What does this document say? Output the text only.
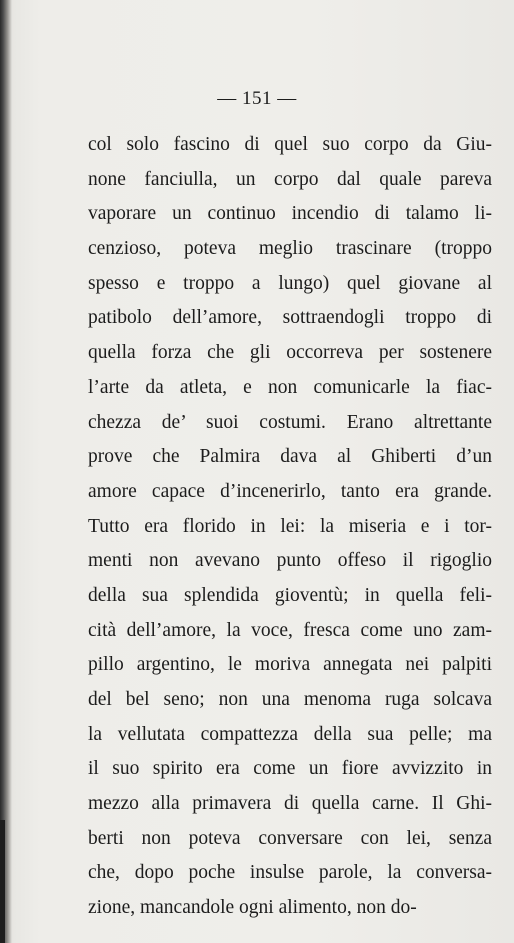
— 151 —
col solo fascino di quel suo corpo da Giu-
none fanciulla, un corpo dal quale pareva
vaporare un continuo incendio di talamo li-
cenzioso, poteva meglio trascinare (troppo
spesso e troppo a lungo) quel giovane al
patibolo dell’amore, sottraendogli troppo di
quella forza che gli occorreva per sostenere
l’arte da atleta, e non comunicarle la fiac-
chezza de’ suoi costumi. Erano altrettante
prove che Palmira dava al Ghiberti d’un
amore capace d’incenerirlo, tanto era grande.
Tutto era florido in lei: la miseria e i tor-
menti non avevano punto offeso il rigoglio
della sua splendida gioventù; in quella feli-
cità dell’amore, la voce, fresca come uno zam-
pillo argentino, le moriva annegata nei palpiti
del bel seno; non una menoma ruga solcava
la vellutata compattezza della sua pelle; ma
il suo spirito era come un fiore avvizzito in
mezzo alla primavera di quella carne. Il Ghi-
berti non poteva conversare con lei, senza
che, dopo poche insulse parole, la conversa-
zione, mancandole ogni alimento, non do-
